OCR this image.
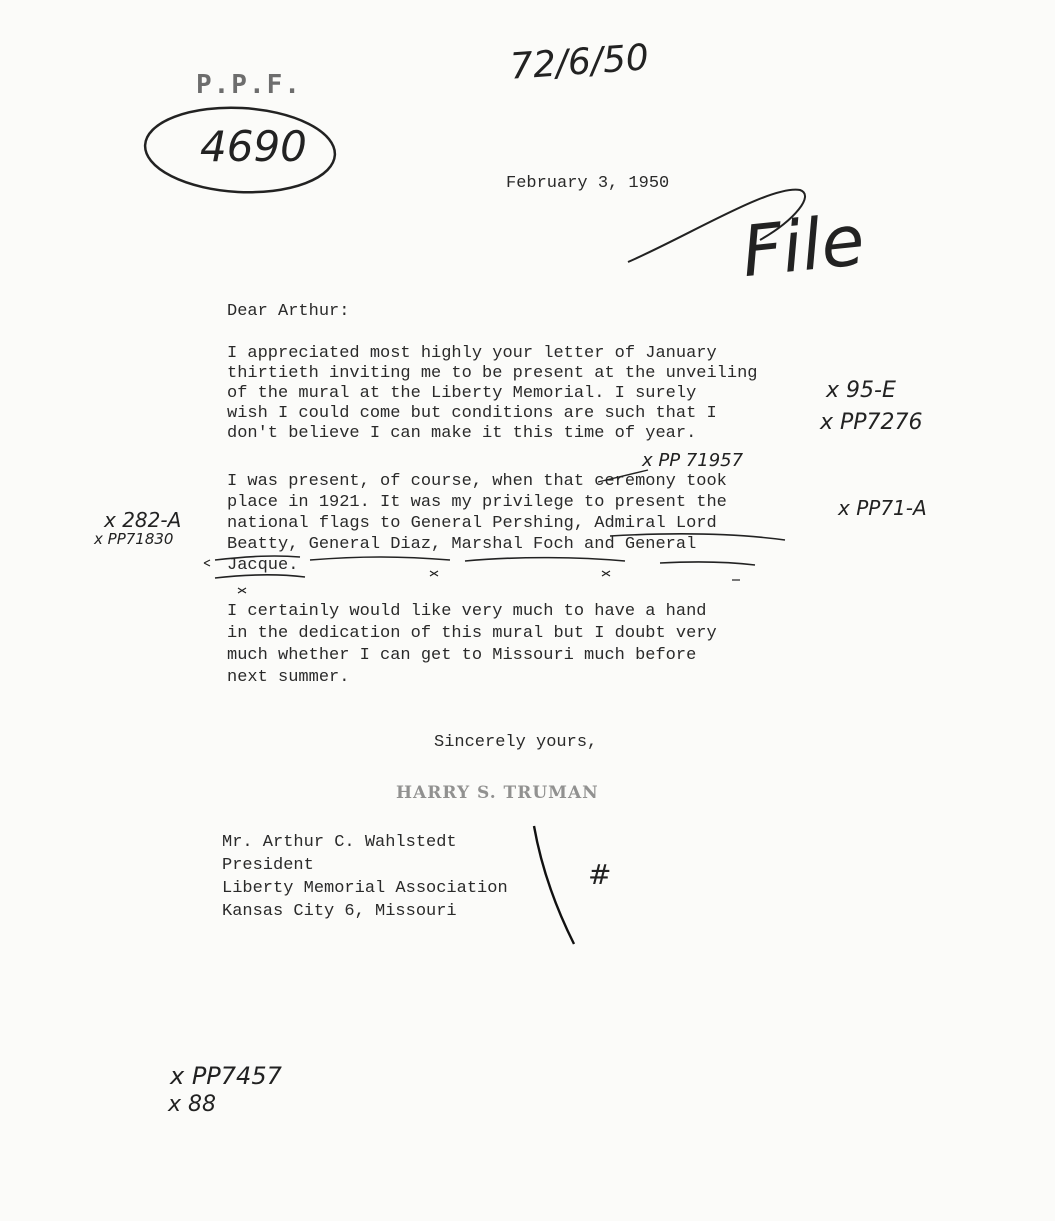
P.P.F.	72/6/50
4690
File
February 3, 1950
Dear Arthur:
I appreciated most highly your letter of January
thirtieth inviting me to be present at the unveiling
of the mural at the Liberty Memorial. I surely
wish I could come but conditions are such that I
don't believe I can make it this time of year.
I was present, of course, when that ceremony took
place in 1921. It was my privilege to present the
national flags to General Pershing, Admiral Lord
Beatty, General Diaz, Marshal Foch and General
Jacque.
I certainly would like very much to have a hand
in the dedication of this mural but I doubt very
much whether I can get to Missouri much before
next summer.
x 95-E
x PP7276
x PP 71957
x PP71-A
x 282-A
x PP71830
Sincerely yours,
HARRY S. TRUMAN
Mr. Arthur C. Wahlstedt
President
Liberty Memorial Association
Kansas City 6, Missouri
#
x PP7457
x 88
